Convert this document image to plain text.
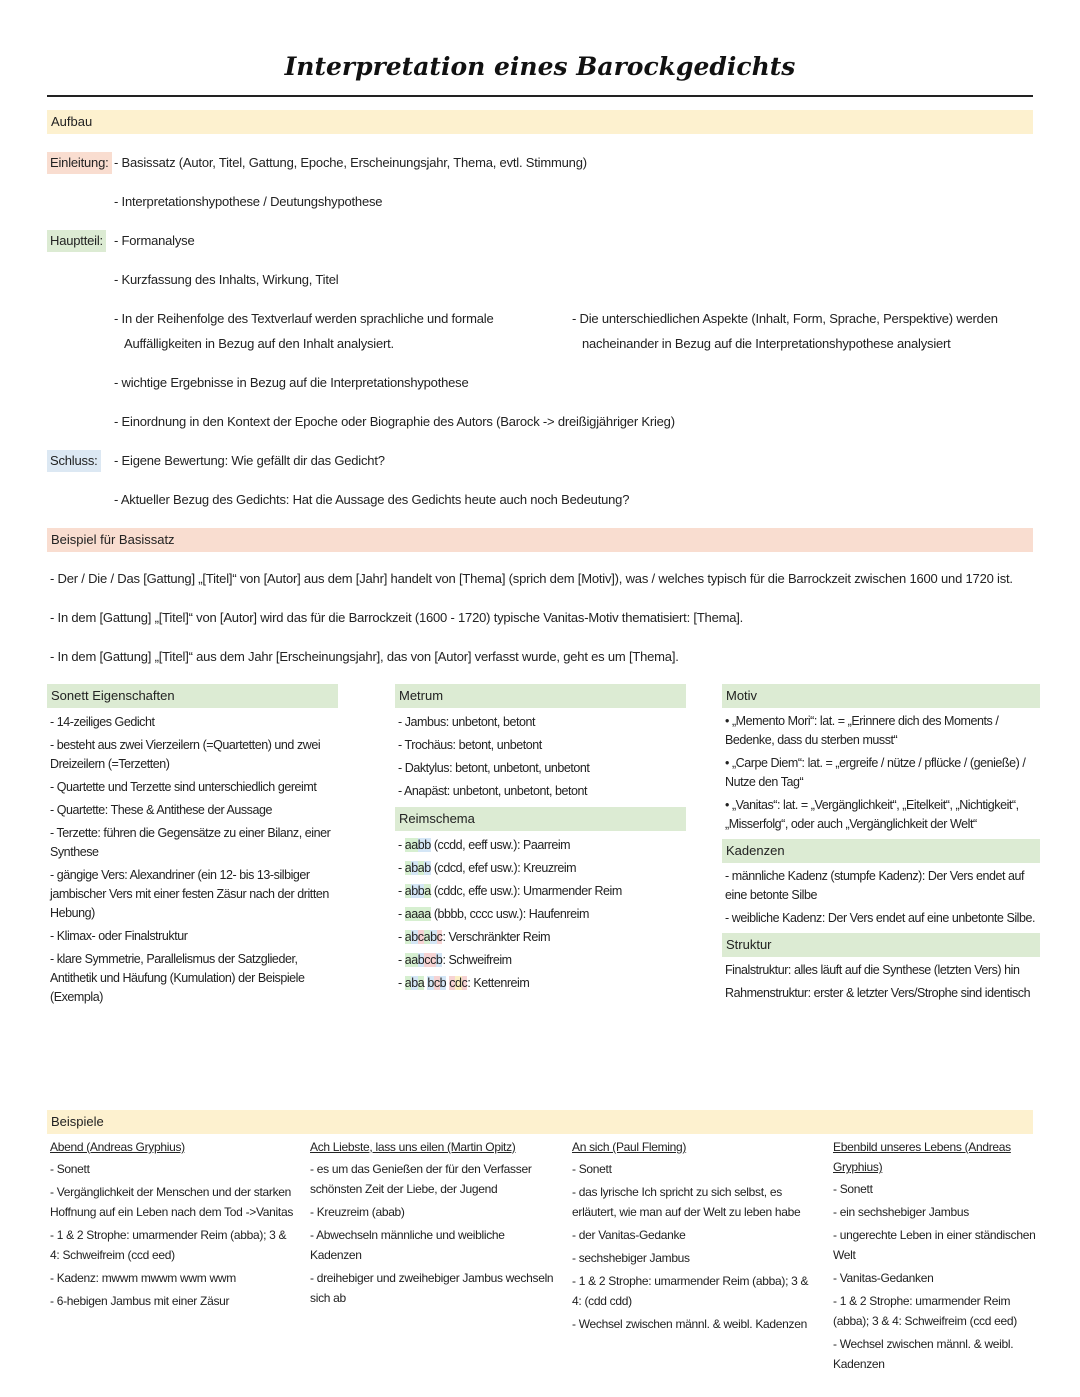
Interpretation eines Barockgedichts
Aufbau
Einleitung: - Basissatz (Autor, Titel, Gattung, Epoche, Erscheinungsjahr, Thema, evtl. Stimmung)
- Interpretationshypothese / Deutungshypothese
Hauptteil: - Formanalyse
- Kurzfassung des Inhalts, Wirkung, Titel
- In der Reihenfolge des Textverlauf werden sprachliche und formale
Auffälligkeiten in Bezug auf den Inhalt analysiert.
- Die unterschiedlichen Aspekte (Inhalt, Form, Sprache, Perspektive) werden
nacheinander in Bezug auf die Interpretationshypothese analysiert
- wichtige Ergebnisse in Bezug auf die Interpretationshypothese
- Einordnung in den Kontext der Epoche oder Biographie des Autors (Barock -> dreißigjähriger Krieg)
Schluss: - Eigene Bewertung: Wie gefällt dir das Gedicht?
- Aktueller Bezug des Gedichts: Hat die Aussage des Gedichts heute auch noch Bedeutung?
Beispiel für Basissatz
- Der / Die / Das [Gattung] „[Titel]“ von [Autor] aus dem [Jahr] handelt von [Thema] (sprich dem [Motiv]), was / welches typisch für die Barrockzeit zwischen 1600 und 1720 ist.
- In dem [Gattung] „[Titel]“ von [Autor] wird das für die Barrockzeit (1600 - 1720) typische Vanitas-Motiv thematisiert: [Thema].
- In dem [Gattung] „[Titel]“ aus dem Jahr [Erscheinungsjahr], das von [Autor] verfasst wurde, geht es um [Thema].
Sonett Eigenschaften

- 14-zeiliges Gedicht

- besteht aus zwei Vierzeilern (=Quartetten) und zwei Dreizeilern (=Terzetten)

- Quartette und Terzette sind unterschiedlich gereimt

- Quartette: These & Antithese der Aussage

- Terzette: führen die Gegensätze zu einer Bilanz, einer Synthese

- gängige Vers: Alexandriner (ein 12- bis 13-silbiger jambischer Vers mit einer festen Zäsur nach der dritten Hebung)

- Klimax- oder Finalstruktur

- klare Symmetrie, Parallelismus der Satzglieder, Antithetik und Häufung (Kumulation) der Beispiele (Exempla)

Metrum

- Jambus: unbetont, betont

- Trochäus: betont, unbetont

- Daktylus: betont, unbetont, unbetont

- Anapäst: unbetont, unbetont, betont

Reimschema

- aabb (ccdd, eeff usw.): Paarreim

- abab (cdcd, efef usw.): Kreuzreim

- abba (cddc, effe usw.): Umarmender Reim

- aaaa (bbbb, cccc usw.): Haufenreim

- abcabc: Verschränkter Reim

- aabccb: Schweifreim

- aba bcb cdc: Kettenreim

Motiv

• „Memento Mori“: lat. = „Erinnere dich des Moments / Bedenke, dass du sterben musst“

• „Carpe Diem“: lat. = „ergreife / nütze / pflücke / (genieße) / Nutze den Tag“

• „Vanitas“: lat. = „Vergänglichkeit“, „Eitelkeit“, „Nichtigkeit“, „Misserfolg“, oder auch „Vergänglichkeit der Welt“

Kadenzen

- männliche Kadenz (stumpfe Kadenz): Der Vers endet auf eine betonte Silbe

- weibliche Kadenz: Der Vers endet auf eine unbetonte Silbe.

Struktur

Finalstruktur: alles läuft auf die Synthese (letzten Vers) hin

Rahmenstruktur: erster & letzter Vers/Strophe sind identisch

Beispiele
Abend (Andreas Gryphius)

- Sonett

- Vergänglichkeit der Menschen und der starken Hoffnung auf ein Leben nach dem Tod ->Vanitas

- 1 & 2 Strophe: umarmender Reim (abba); 3 & 4: Schweifreim (ccd eed)

- Kadenz: mwwm mwwm wwm wwm

- 6-hebigen Jambus mit einer Zäsur

Ach Liebste, lass uns eilen (Martin Opitz)

- es um das Genießen der für den Verfasser schönsten Zeit der Liebe, der Jugend

- Kreuzreim (abab)

- Abwechseln männliche und weibliche Kadenzen

- dreihebiger und zweihebiger Jambus wechseln sich ab

An sich (Paul Fleming)

- Sonett

- das lyrische Ich spricht zu sich selbst, es erläutert, wie man auf der Welt zu leben habe

- der Vanitas-Gedanke

- sechshebiger Jambus

- 1 & 2 Strophe: umarmender Reim (abba); 3 & 4: (cdd cdd)

- Wechsel zwischen männl. & weibl. Kadenzen

Ebenbild unseres Lebens (Andreas Gryphius)

- Sonett

- ein sechshebiger Jambus

- ungerechte Leben in einer ständischen Welt

- Vanitas-Gedanken

- 1 & 2 Strophe: umarmender Reim (abba); 3 & 4: Schweifreim (ccd eed)

- Wechsel zwischen männl. & weibl. Kadenzen
